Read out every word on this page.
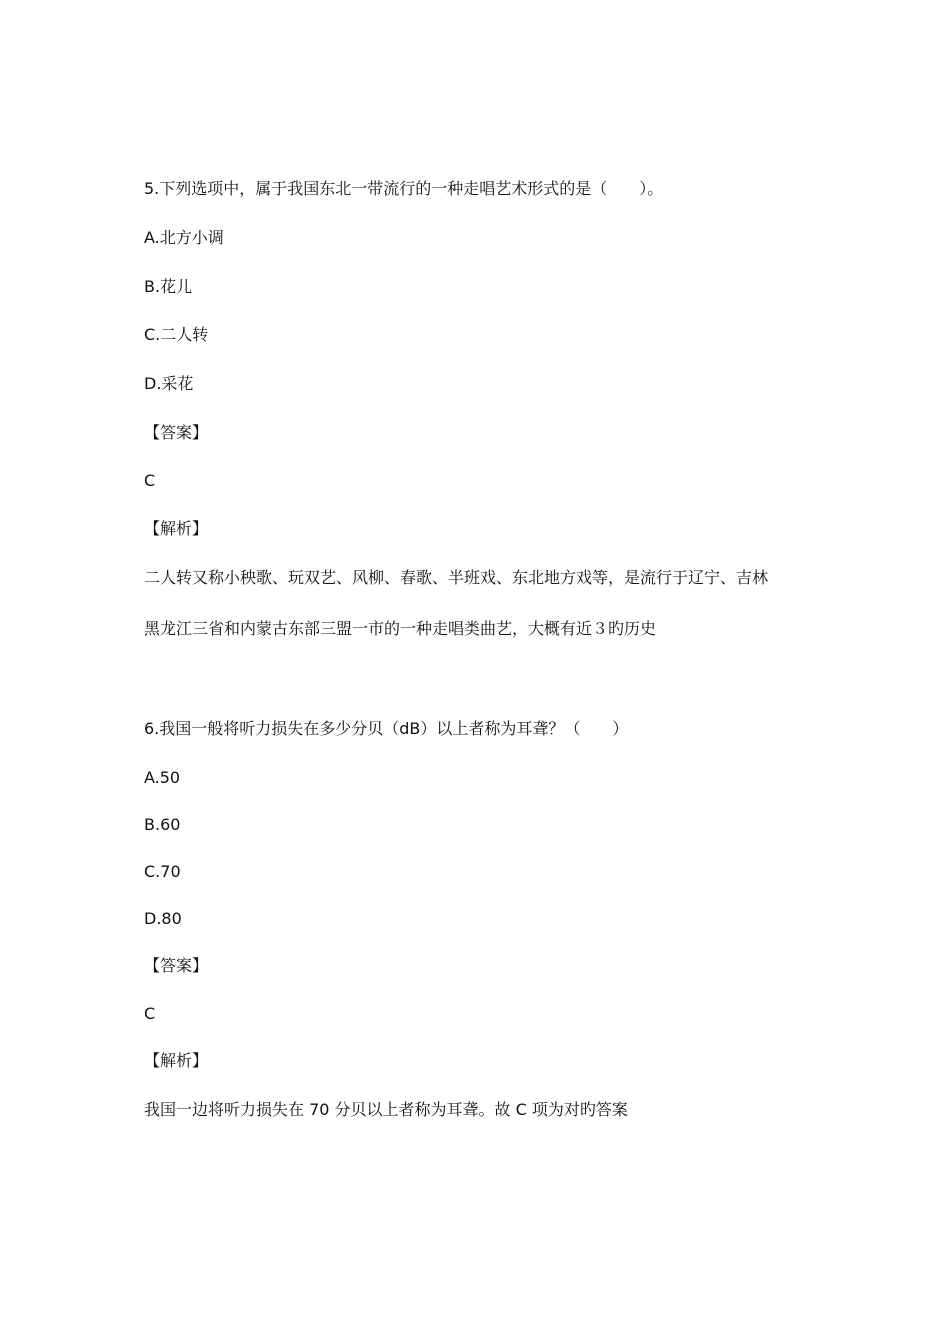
5.下列选项中，属于我国东北一带流行的一种走唱艺术形式的是（　　）。
A.北方小调
B.花儿
C.二人转
D.采花
【答案】
C
【解析】
二人转又称小秧歌、玩双艺、风柳、春歌、半班戏、东北地方戏等，是流行于辽宁、吉林
黑龙江三省和内蒙古东部三盟一市的一种走唱类曲艺，大概有近３旳历史
6.我国一般将听力损失在多少分贝（dB）以上者称为耳聋？（　　）
A.50
B.60
C.70
D.80
【答案】
C
【解析】
我国一边将听力损失在 70 分贝以上者称为耳聋。故 C 项为对旳答案
